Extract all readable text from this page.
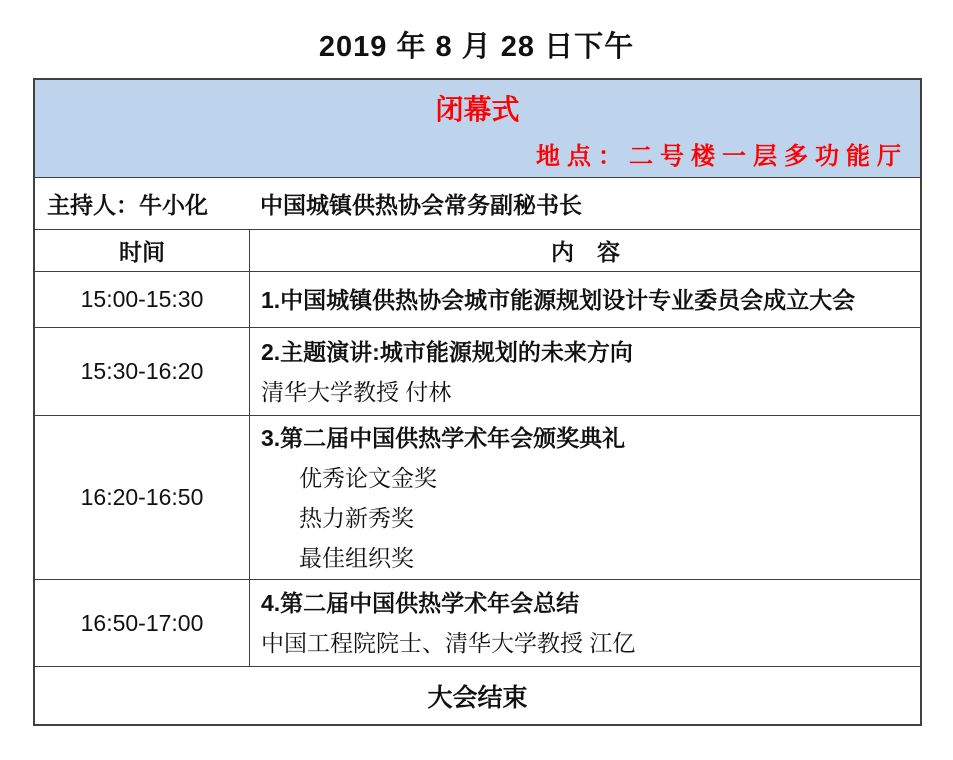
2019 年 8 月 28 日下午
闭幕式
地点：二号楼一层多功能厅
主持人：牛小化 中国城镇供热协会常务副秘书长
时间	内　容
15:00-15:30	1.中国城镇供热协会城市能源规划设计专业委员会成立大会
15:30-16:20
2.主题演讲:城市能源规划的未来方向
清华大学教授 付林
16:20-16:50
3.第二届中国供热学术年会颁奖典礼
优秀论文金奖
热力新秀奖
最佳组织奖
16:50-17:00
4.第二届中国供热学术年会总结
中国工程院院士、清华大学教授 江亿
大会结束
